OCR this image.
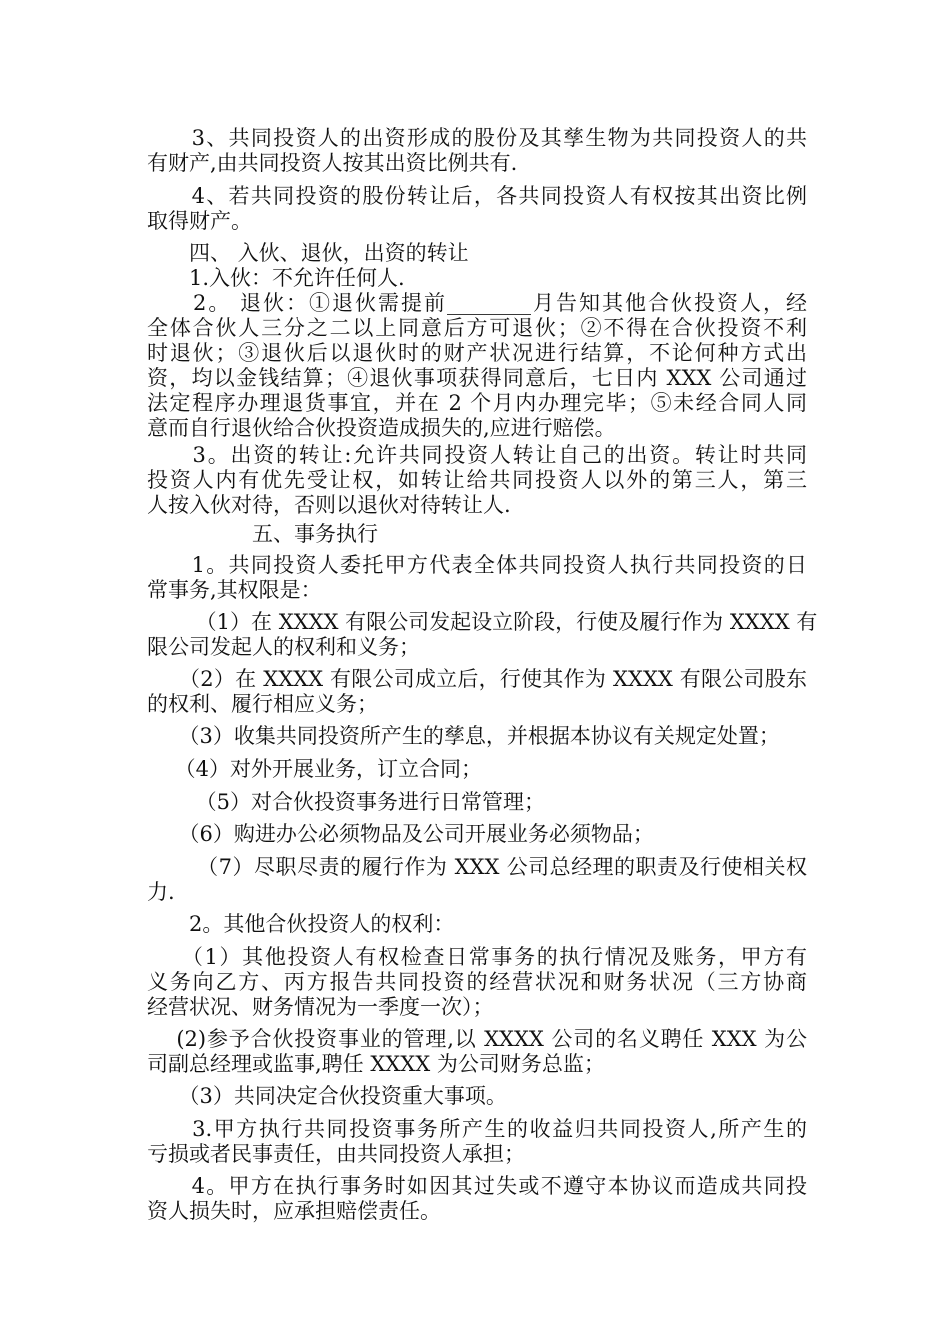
　　3、共同投资人的出资形成的股份及其孳生物为共同投资人的共
有财产,由共同投资人按其出资比例共有.
　　4、若共同投资的股份转让后，各共同投资人有权按其出资比例
取得财产。
　　四、 入伙、退伙，出资的转让
　　1.入伙：不允许任何人.
　　2。 退伙：①退伙需提前________月告知其他合伙投资人，经
全体合伙人三分之二以上同意后方可退伙；②不得在合伙投资不利
时退伙；③退伙后以退伙时的财产状况进行结算，不论何种方式出
资，均以金钱结算；④退伙事项获得同意后，七日内 XXX 公司通过
法定程序办理退货事宜，并在 2 个月内办理完毕；⑤未经合同人同
意而自行退伙给合伙投资造成损失的,应进行赔偿。
　　3。出资的转让:允许共同投资人转让自己的出资。转让时共同
投资人内有优先受让权，如转让给共同投资人以外的第三人，第三
人按入伙对待，否则以退伙对待转让人.
　　　　　五、事务执行
　　1。共同投资人委托甲方代表全体共同投资人执行共同投资的日
常事务,其权限是：
　　 （1）在 XXXX 有限公司发起设立阶段，行使及履行作为 XXXX 有
限公司发起人的权利和义务；
　　（2）在 XXXX 有限公司成立后，行使其作为 XXXX 有限公司股东
的权利、履行相应义务；
　　（3）收集共同投资所产生的孳息，并根据本协议有关规定处置；
　 （4）对外开展业务，订立合同；
　　 （5）对合伙投资事务进行日常管理；
　　（6）购进办公必须物品及公司开展业务必须物品；
　　 （7）尽职尽责的履行作为 XXX 公司总经理的职责及行使相关权
力.
　　2。其他合伙投资人的权利：
　　（1）其他投资人有权检查日常事务的执行情况及账务，甲方有
义务向乙方、丙方报告共同投资的经营状况和财务状况（三方协商
经营状况、财务情况为一季度一次）；
　 (2)参予合伙投资事业的管理,以 XXXX 公司的名义聘任 XXX 为公
司副总经理或监事,聘任 XXXX 为公司财务总监；
　　（3）共同决定合伙投资重大事项。
　　3.甲方执行共同投资事务所产生的收益归共同投资人,所产生的
亏损或者民事责任，由共同投资人承担；
　　4。甲方在执行事务时如因其过失或不遵守本协议而造成共同投
资人损失时，应承担赔偿责任。
